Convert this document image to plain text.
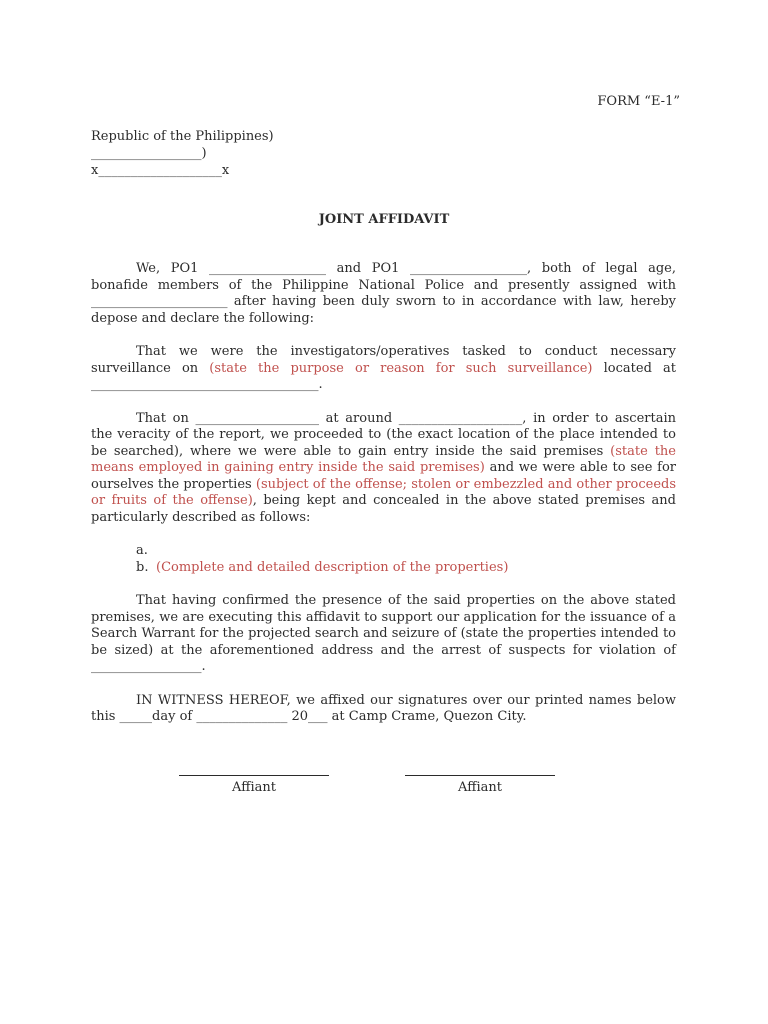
FORM “E-1”
Republic of the Philippines)
_________________)
x___________________x
JOINT AFFIDAVIT

We, PO1 __________________ and PO1 __________________, both of legal age, bonafide members of the Philippine National Police and presently assigned with _____________________ after having been duly sworn to in accordance with law, hereby depose and declare the following:

That we were the investigators/operatives tasked to conduct necessary surveillance on (state the purpose or reason for such surveillance) located at ___________________________________.

That on ___________________ at around ___________________, in order to ascertain the veracity of the report, we proceeded to (the exact location of the place intended to be searched), where we were able to gain entry inside the said premises (state the means employed in gaining entry inside the said premises) and we were able to see for ourselves the properties (subject of the offense; stolen or embezzled and other proceeds or fruits of the offense), being kept and concealed in the above stated premises and particularly described as follows:

a.
b. (Complete and detailed description of the properties)

That having confirmed the presence of the said properties on the above stated premises, we are executing this affidavit to support our application for the issuance of a Search Warrant for the projected search and seizure of (state the properties intended to be sized) at the aforementioned address and the arrest of suspects for violation of _________________.

IN WITNESS HEREOF, we affixed our signatures over our printed names below this _____day of ______________ 20___ at Camp Crame, Quezon City.

Affiant	Affiant
